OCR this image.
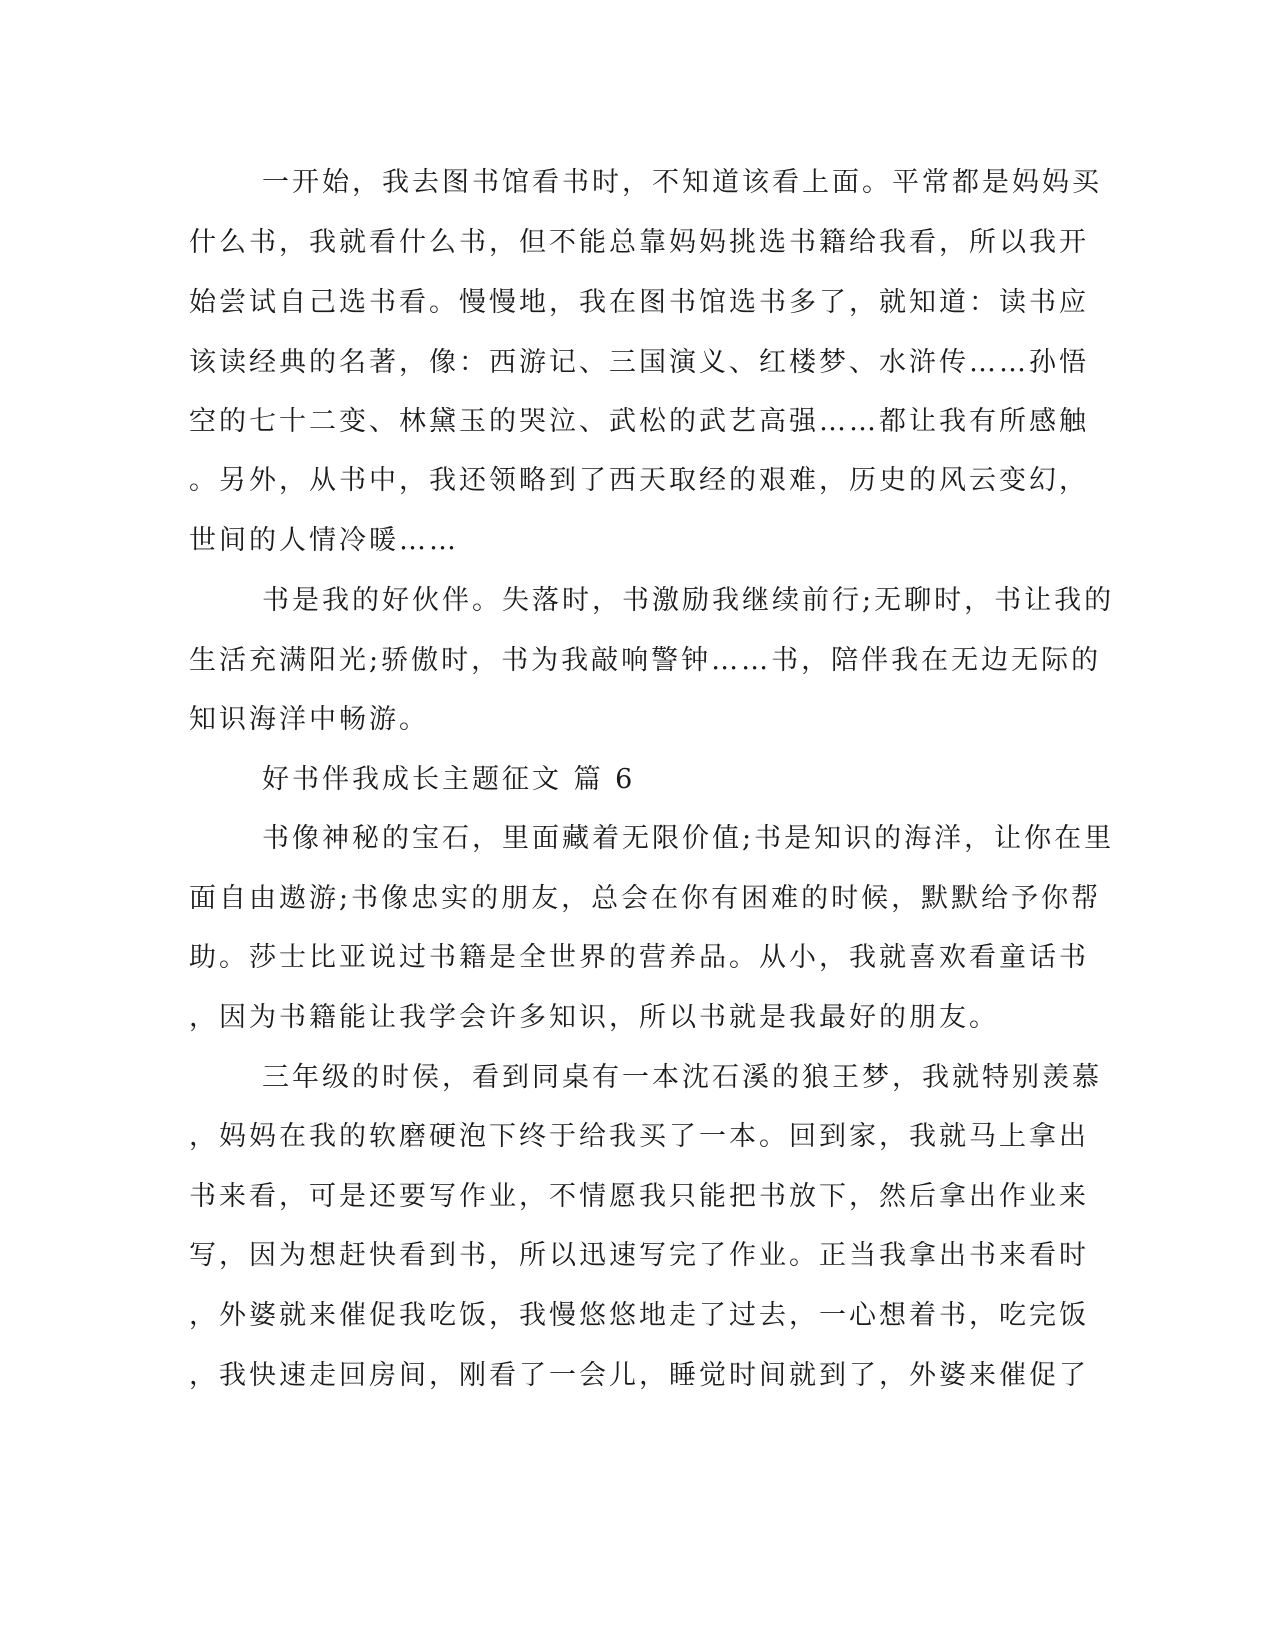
一开始，我去图书馆看书时，不知道该看上面。平常都是妈妈买
什么书，我就看什么书，但不能总靠妈妈挑选书籍给我看，所以我开
始尝试自己选书看。慢慢地，我在图书馆选书多了，就知道：读书应
该读经典的名著，像：西游记、三国演义、红楼梦、水浒传……孙悟
空的七十二变、林黛玉的哭泣、武松的武艺高强……都让我有所感触
。另外，从书中，我还领略到了西天取经的艰难，历史的风云变幻，
世间的人情冷暖……
书是我的好伙伴。失落时，书激励我继续前行;无聊时，书让我的
生活充满阳光;骄傲时，书为我敲响警钟……书，陪伴我在无边无际的
知识海洋中畅游。
好书伴我成长主题征文 篇 6
书像神秘的宝石，里面藏着无限价值;书是知识的海洋，让你在里
面自由遨游;书像忠实的朋友，总会在你有困难的时候，默默给予你帮
助。莎士比亚说过书籍是全世界的营养品。从小，我就喜欢看童话书
，因为书籍能让我学会许多知识，所以书就是我最好的朋友。
三年级的时侯，看到同桌有一本沈石溪的狼王梦，我就特别羡慕
，妈妈在我的软磨硬泡下终于给我买了一本。回到家，我就马上拿出
书来看，可是还要写作业，不情愿我只能把书放下，然后拿出作业来
写，因为想赶快看到书，所以迅速写完了作业。正当我拿出书来看时
，外婆就来催促我吃饭，我慢悠悠地走了过去，一心想着书，吃完饭
，我快速走回房间，刚看了一会儿，睡觉时间就到了，外婆来催促了
